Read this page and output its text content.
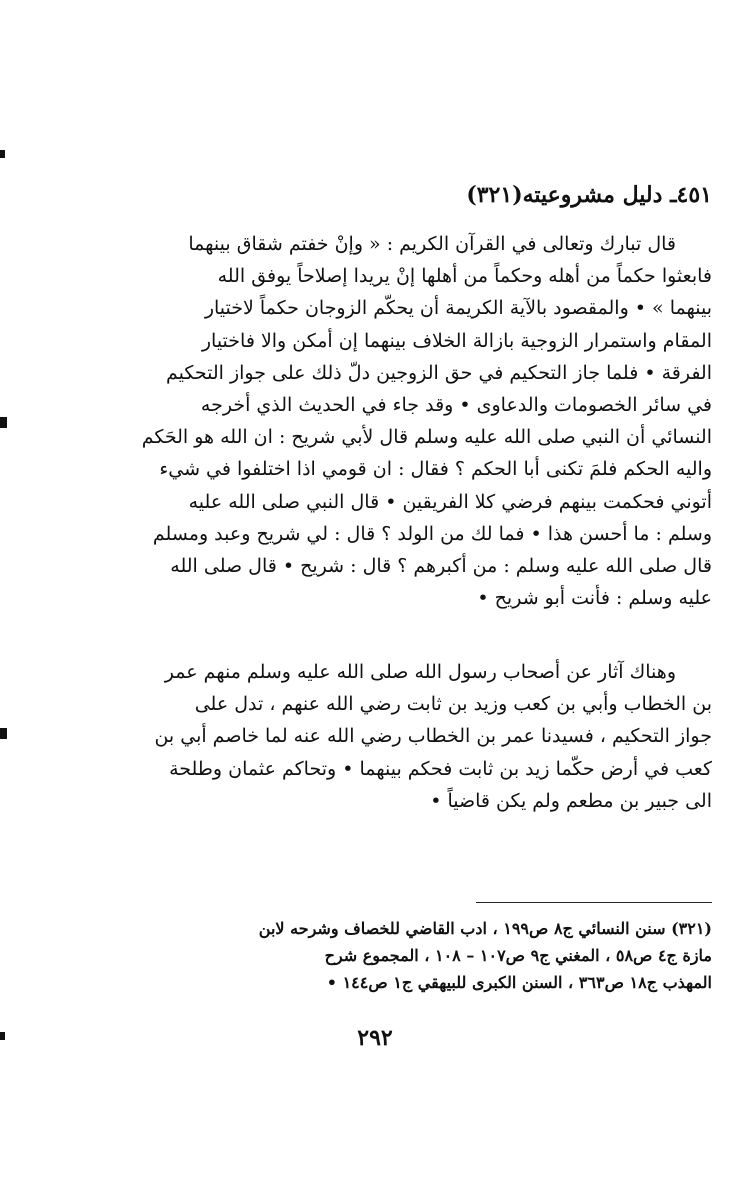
٤٥١ـ دليل مشروعيته(٣٢١)
قال تبارك وتعالى في القرآن الكريم : « وإنْ خفتم شقاق بينهما
فابعثوا حكماً من أهله وحكماً من أهلها إنْ يريدا إصلاحاً يوفق الله
بينهما » • والمقصود بالآية الكريمة أن يحكّم الزوجان حكماً لاختيار
المقام واستمرار الزوجية بازالة الخلاف بينهما إن أمكن والا فاختيار
الفرقة • فلما جاز التحكيم في حق الزوجين دلّ ذلك على جواز التحكيم
في سائر الخصومات والدعاوى • وقد جاء في الحديث الذي أخرجه
النسائي أن النبي صلى الله عليه وسلم قال لأبي شريح : ان الله هو الحَكم
واليه الحكم فلمَ تكنى أبا الحكم ؟ فقال : ان قومي اذا اختلفوا في شيء
أتوني فحكمت بينهم فرضي كلا الفريقين • قال النبي صلى الله عليه
وسلم : ما أحسن هذا • فما لك من الولد ؟ قال : لي شريح وعبد ومسلم
قال صلى الله عليه وسلم : من أكبرهم ؟ قال : شريح • قال صلى الله
عليه وسلم : فأنت أبو شريح •
وهناك آثار عن أصحاب رسول الله صلى الله عليه وسلم منهم عمر
بن الخطاب وأبي بن كعب وزيد بن ثابت رضي الله عنهم ، تدل على
جواز التحكيم ، فسيدنا عمر بن الخطاب رضي الله عنه لما خاصم أبي بن
كعب في أرض حكّما زيد بن ثابت فحكم بينهما • وتحاكم عثمان وطلحة
الى جبير بن مطعم ولم يكن قاضياً •
(٣٢١) سنن النسائي ج٨ ص١٩٩ ، ادب القاضي للخصاف وشرحه لابن
مازة ج٤ ص٥٨ ، المغني ج٩ ص١٠٧ – ١٠٨ ، المجموع شرح
المهذب ج١٨ ص٣٦٣ ، السنن الكبرى للبيهقي ج١ ص١٤٤ •
٢٩٢
